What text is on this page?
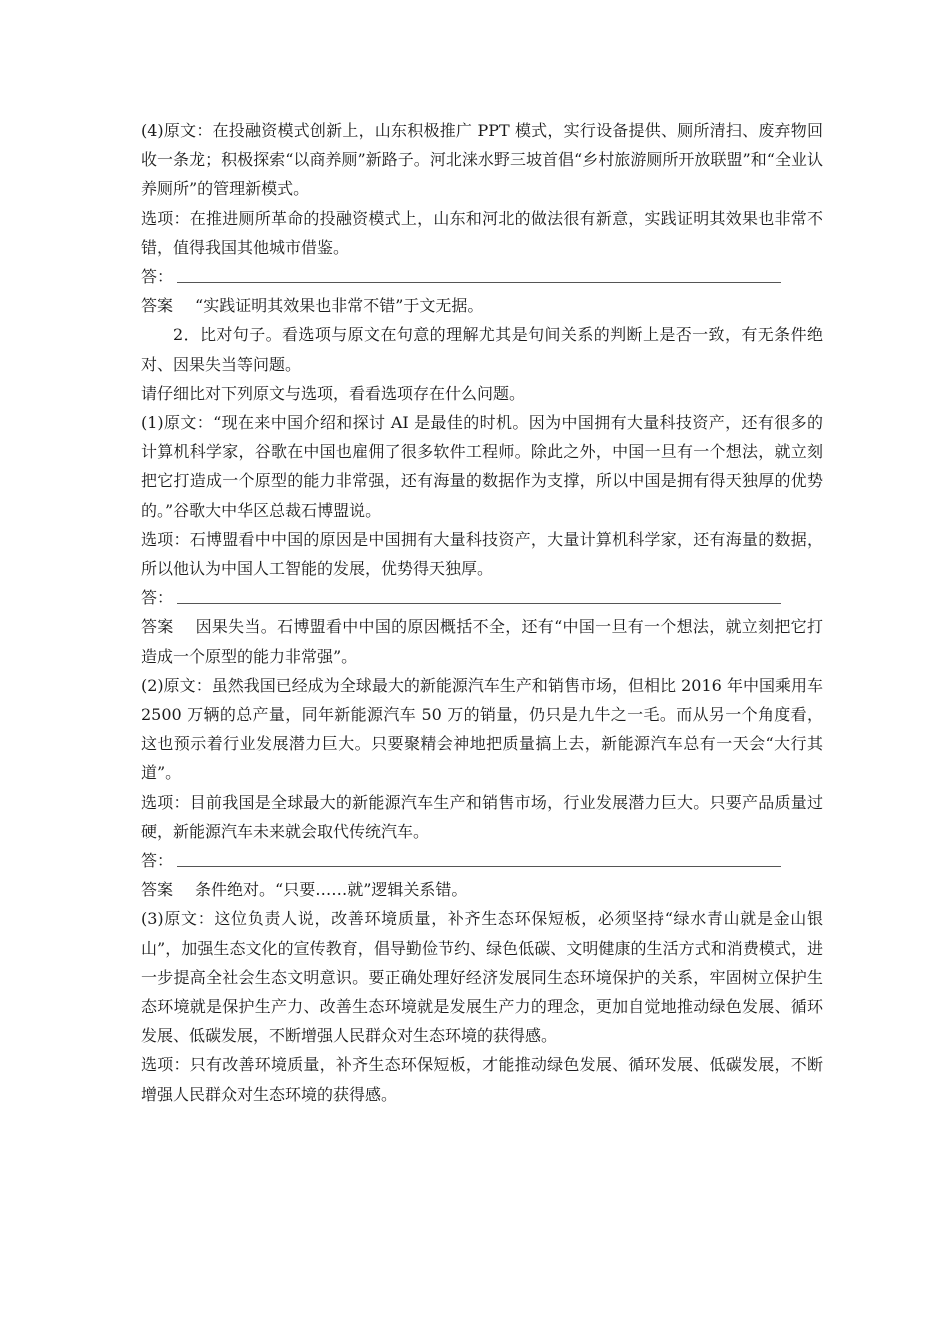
(4)原文：在投融资模式创新上，山东积极推广 PPT 模式，实行设备提供、厕所清扫、废弃物回收一条龙；积极探索“以商养厕”新路子。河北涞水野三坡首倡“乡村旅游厕所开放联盟”和“全业认养厕所”的管理新模式。

选项：在推进厕所革命的投融资模式上，山东和河北的做法很有新意，实践证明其效果也非常不错，值得我国其他城市借鉴。

答：

答案 “实践证明其效果也非常不错”于文无据。

2．比对句子。看选项与原文在句意的理解尤其是句间关系的判断上是否一致，有无条件绝对、因果失当等问题。

请仔细比对下列原文与选项，看看选项存在什么问题。

(1)原文：“现在来中国介绍和探讨 AI 是最佳的时机。因为中国拥有大量科技资产，还有很多的计算机科学家，谷歌在中国也雇佣了很多软件工程师。除此之外，中国一旦有一个想法，就立刻把它打造成一个原型的能力非常强，还有海量的数据作为支撑，所以中国是拥有得天独厚的优势的。”谷歌大中华区总裁石博盟说。

选项：石博盟看中中国的原因是中国拥有大量科技资产，大量计算机科学家，还有海量的数据，所以他认为中国人工智能的发展，优势得天独厚。

答：

答案 因果失当。石博盟看中中国的原因概括不全，还有“中国一旦有一个想法，就立刻把它打造成一个原型的能力非常强”。

(2)原文：虽然我国已经成为全球最大的新能源汽车生产和销售市场，但相比 2016 年中国乘用车 2500 万辆的总产量，同年新能源汽车 50 万的销量，仍只是九牛之一毛。而从另一个角度看，这也预示着行业发展潜力巨大。只要聚精会神地把质量搞上去，新能源汽车总有一天会“大行其道”。

选项：目前我国是全球最大的新能源汽车生产和销售市场，行业发展潜力巨大。只要产品质量过硬，新能源汽车未来就会取代传统汽车。

答：

答案 条件绝对。“只要……就”逻辑关系错。

(3)原文：这位负责人说，改善环境质量，补齐生态环保短板，必须坚持“绿水青山就是金山银山”，加强生态文化的宣传教育，倡导勤俭节约、绿色低碳、文明健康的生活方式和消费模式，进一步提高全社会生态文明意识。要正确处理好经济发展同生态环境保护的关系，牢固树立保护生态环境就是保护生产力、改善生态环境就是发展生产力的理念，更加自觉地推动绿色发展、循环发展、低碳发展，不断增强人民群众对生态环境的获得感。

选项：只有改善环境质量，补齐生态环保短板，才能推动绿色发展、循环发展、低碳发展，不断增强人民群众对生态环境的获得感。
